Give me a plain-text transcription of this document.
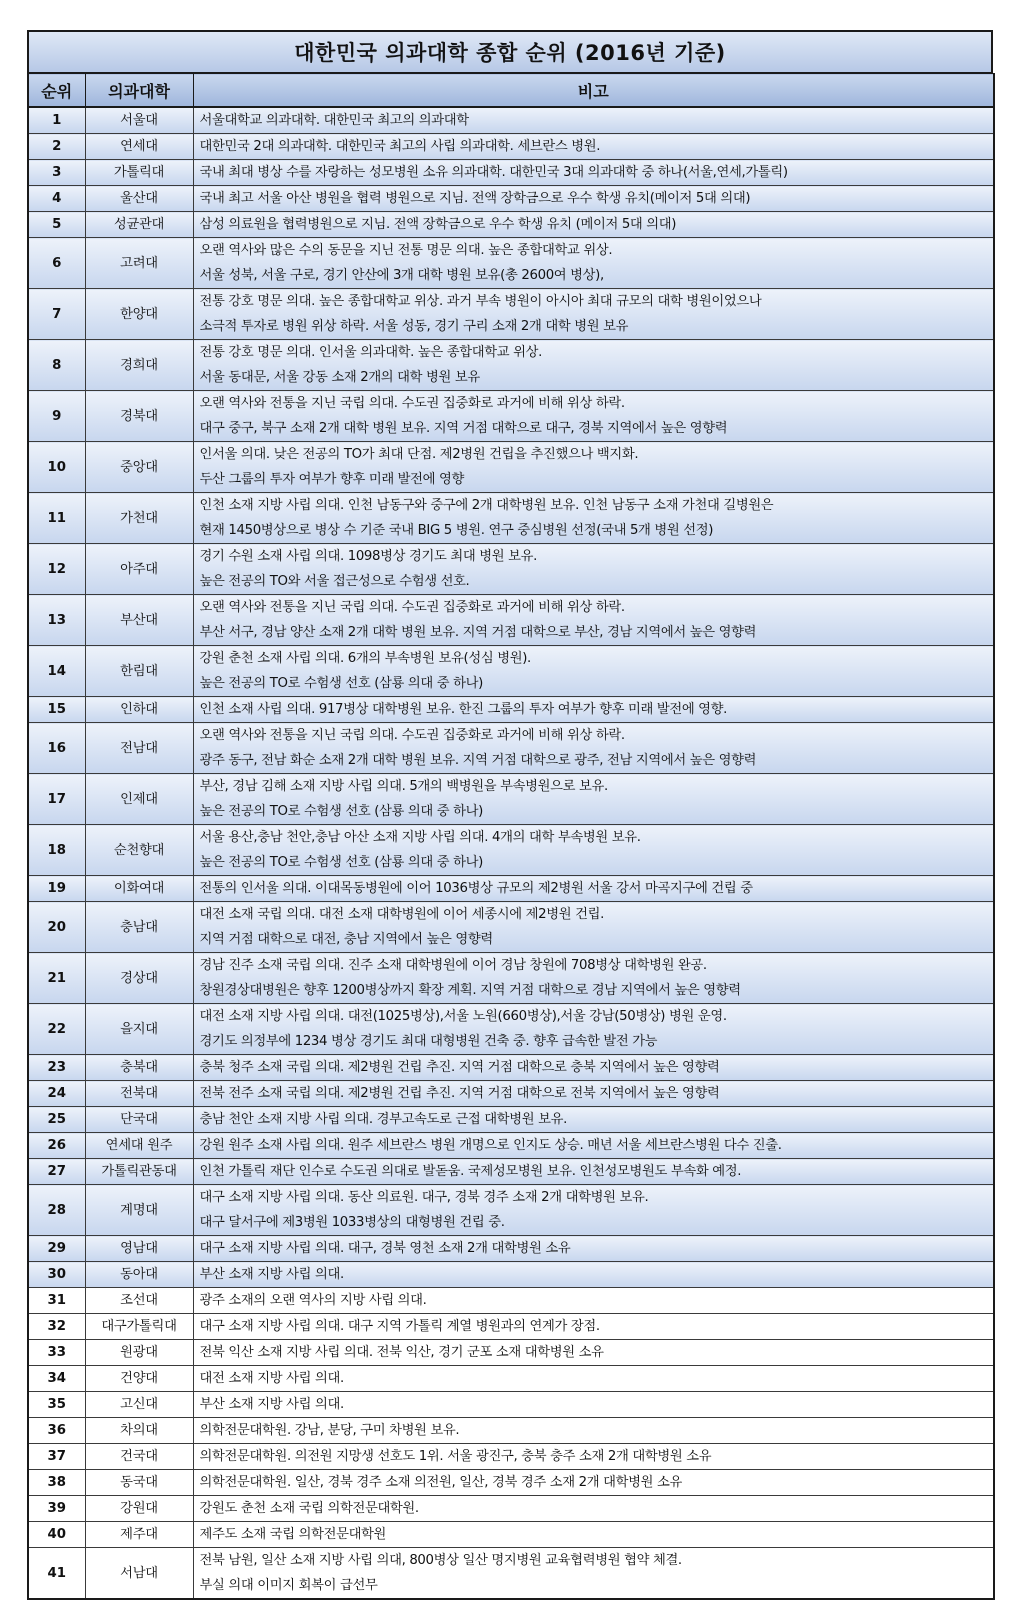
대한민국 의과대학 종합 순위 (2016년 기준)
순위	의과대학	비고
1	서울대	서울대학교 의과대학. 대한민국 최고의 의과대학

2	연세대	대한민국 2대 의과대학. 대한민국 최고의 사립 의과대학. 세브란스 병원.

3	가톨릭대	국내 최대 병상 수를 자랑하는 성모병원 소유 의과대학. 대한민국 3대 의과대학 중 하나(서울,연세,가톨릭)

4	울산대	국내 최고 서울 아산 병원을 협력 병원으로 지님. 전액 장학금으로 우수 학생 유치(메이저 5대 의대)

5	성균관대	삼성 의료원을 협력병원으로 지님. 전액 장학금으로 우수 학생 유치 (메이저 5대 의대)

6	고려대	오랜 역사와 많은 수의 동문을 지닌 전통 명문 의대. 높은 종합대학교 위상.
서울 성북, 서울 구로, 경기 안산에 3개 대학 병원 보유(총 2600여 병상),

7	한양대	전통 강호 명문 의대. 높은 종합대학교 위상. 과거 부속 병원이 아시아 최대 규모의 대학 병원이었으나
소극적 투자로 병원 위상 하락. 서울 성동, 경기 구리 소재 2개 대학 병원 보유

8	경희대	전통 강호 명문 의대. 인서울 의과대학. 높은 종합대학교 위상.
서울 동대문, 서울 강동 소재 2개의 대학 병원 보유

9	경북대	오랜 역사와 전통을 지닌 국립 의대. 수도권 집중화로 과거에 비해 위상 하락.
대구 중구, 북구 소재 2개 대학 병원 보유. 지역 거점 대학으로 대구, 경북 지역에서 높은 영향력

10	중앙대	인서울 의대. 낮은 전공의 TO가 최대 단점. 제2병원 건립을 추진했으나 백지화.
두산 그룹의 투자 여부가 향후 미래 발전에 영향

11	가천대	인천 소재 지방 사립 의대. 인천 남동구와 중구에 2개 대학병원 보유. 인천 남동구 소재 가천대 길병원은
현재 1450병상으로 병상 수 기준 국내 BIG 5 병원. 연구 중심병원 선정(국내 5개 병원 선정)

12	아주대	경기 수원 소재 사립 의대. 1098병상 경기도 최대 병원 보유.
높은 전공의 TO와 서울 접근성으로 수험생 선호.

13	부산대	오랜 역사와 전통을 지닌 국립 의대. 수도권 집중화로 과거에 비해 위상 하락.
부산 서구, 경남 양산 소재 2개 대학 병원 보유. 지역 거점 대학으로 부산, 경남 지역에서 높은 영향력

14	한림대	강원 춘천 소재 사립 의대. 6개의 부속병원 보유(성심 병원).
높은 전공의 TO로 수험생 선호 (삼룡 의대 중 하나)

15	인하대	인천 소재 사립 의대. 917병상 대학병원 보유. 한진 그룹의 투자 여부가 향후 미래 발전에 영향.

16	전남대	오랜 역사와 전통을 지닌 국립 의대. 수도권 집중화로 과거에 비해 위상 하락.
광주 동구, 전남 화순 소재 2개 대학 병원 보유. 지역 거점 대학으로 광주, 전남 지역에서 높은 영향력

17	인제대	부산, 경남 김해 소재 지방 사립 의대. 5개의 백병원을 부속병원으로 보유.
높은 전공의 TO로 수험생 선호 (삼룡 의대 중 하나)

18	순천향대	서울 용산,충남 천안,충남 아산 소재 지방 사립 의대. 4개의 대학 부속병원 보유.
높은 전공의 TO로 수험생 선호 (삼룡 의대 중 하나)

19	이화여대	전통의 인서울 의대. 이대목동병원에 이어 1036병상 규모의 제2병원 서울 강서 마곡지구에 건립 중

20	충남대	대전 소재 국립 의대. 대전 소재 대학병원에 이어 세종시에 제2병원 건립.
지역 거점 대학으로 대전, 충남 지역에서 높은 영향력

21	경상대	경남 진주 소재 국립 의대. 진주 소재 대학병원에 이어 경남 창원에 708병상 대학병원 완공.
창원경상대병원은 향후 1200병상까지 확장 계획. 지역 거점 대학으로 경남 지역에서 높은 영향력

22	을지대	대전 소재 지방 사립 의대. 대전(1025병상),서울 노원(660병상),서울 강남(50병상) 병원 운영.
경기도 의정부에 1234 병상 경기도 최대 대형병원 건축 중. 향후 급속한 발전 가능

23	충북대	충북 청주 소재 국립 의대. 제2병원 건립 추진. 지역 거점 대학으로 충북 지역에서 높은 영향력

24	전북대	전북 전주 소재 국립 의대. 제2병원 건립 추진. 지역 거점 대학으로 전북 지역에서 높은 영향력

25	단국대	충남 천안 소재 지방 사립 의대. 경부고속도로 근접 대학병원 보유.

26	연세대 원주	강원 원주 소재 사립 의대. 원주 세브란스 병원 개명으로 인지도 상승. 매년 서울 세브란스병원 다수 진출.

27	가톨릭관동대	인천 가톨릭 재단 인수로 수도권 의대로 발돋움. 국제성모병원 보유. 인천성모병원도 부속화 예정.

28	계명대	대구 소재 지방 사립 의대. 동산 의료원. 대구, 경북 경주 소재 2개 대학병원 보유.
대구 달서구에 제3병원 1033병상의 대형병원 건립 중.

29	영남대	대구 소재 지방 사립 의대. 대구, 경북 영천 소재 2개 대학병원 소유

30	동아대	부산 소재 지방 사립 의대.

31	조선대	광주 소재의 오랜 역사의 지방 사립 의대.

32	대구가톨릭대	대구 소재 지방 사립 의대. 대구 지역 가톨릭 계열 병원과의 연계가 장점.

33	원광대	전북 익산 소재 지방 사립 의대. 전북 익산, 경기 군포 소재 대학병원 소유

34	건양대	대전 소재 지방 사립 의대.

35	고신대	부산 소재 지방 사립 의대.

36	차의대	의학전문대학원. 강남, 분당, 구미 차병원 보유.

37	건국대	의학전문대학원. 의전원 지망생 선호도 1위. 서울 광진구, 충북 충주 소재 2개 대학병원 소유

38	동국대	의학전문대학원. 일산, 경북 경주 소재 의전원, 일산, 경북 경주 소재 2개 대학병원 소유

39	강원대	강원도 춘천 소재 국립 의학전문대학원.

40	제주대	제주도 소재 국립 의학전문대학원

41	서남대	전북 남원, 일산 소재 지방 사립 의대, 800병상 일산 명지병원 교육협력병원 협약 체결.
부실 의대 이미지 회복이 급선무
